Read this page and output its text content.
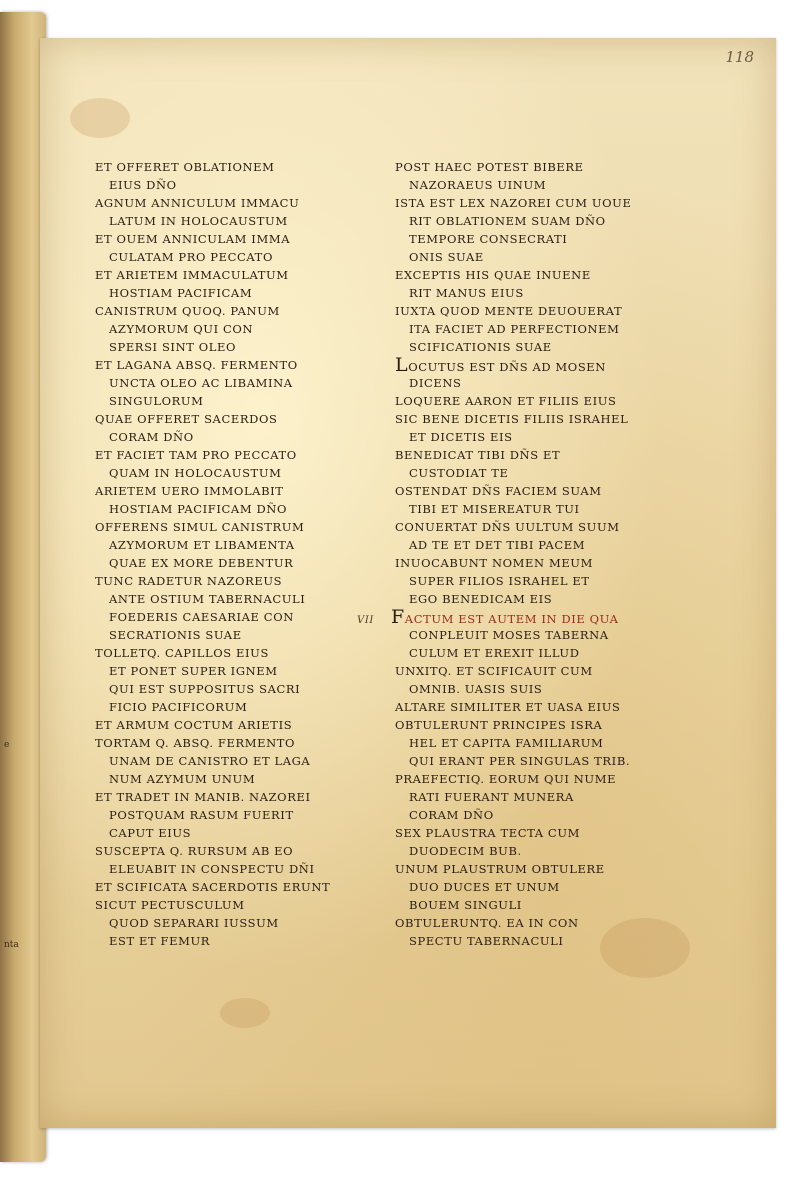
e
nta
118
ET OFFERET OBLATIONEM
EIUS DÑO
AGNUM ANNICULUM IMMACU
LATUM IN HOLOCAUSTUM
ET OUEM ANNICULAM IMMA
CULATAM PRO PECCATO
ET ARIETEM IMMACULATUM
HOSTIAM PACIFICAM
CANISTRUM QUOQ. PANUM
AZYMORUM QUI CON
SPERSI SINT OLEO
ET LAGANA ABSQ. FERMENTO
UNCTA OLEO AC LIBAMINA
SINGULORUM
QUAE OFFERET SACERDOS
CORAM DÑO
ET FACIET TAM PRO PECCATO
QUAM IN HOLOCAUSTUM
ARIETEM UERO IMMOLABIT
HOSTIAM PACIFICAM DÑO
OFFERENS SIMUL CANISTRUM
AZYMORUM ET LIBAMENTA
QUAE EX MORE DEBENTUR
TUNC RADETUR NAZOREUS
ANTE OSTIUM TABERNACULI
FOEDERIS CAESARIAE CON
SECRATIONIS SUAE
TOLLETQ. CAPILLOS EIUS
ET PONET SUPER IGNEM
QUI EST SUPPOSITUS SACRI
FICIO PACIFICORUM
ET ARMUM COCTUM ARIETIS
TORTAM Q. ABSQ. FERMENTO
UNAM DE CANISTRO ET LAGA
NUM AZYMUM UNUM
ET TRADET IN MANIB. NAZOREI
POSTQUAM RASUM FUERIT
CAPUT EIUS
SUSCEPTA Q. RURSUM AB EO
ELEUABIT IN CONSPECTU DÑI
ET SCIFICATA SACERDOTIS ERUNT
SICUT PECTUSCULUM
QUOD SEPARARI IUSSUM
EST ET FEMUR
POST HAEC POTEST BIBERE
NAZORAEUS UINUM
ISTA EST LEX NAZOREI CUM UOUE
RIT OBLATIONEM SUAM DÑO
TEMPORE CONSECRATI
ONIS SUAE
EXCEPTIS HIS QUAE INUENE
RIT MANUS EIUS
IUXTA QUOD MENTE DEUOUERAT
ITA FACIET AD PERFECTIONEM
SCIFICATIONIS SUAE
LOCUTUS EST DÑS AD MOSEN
DICENS
LOQUERE AARON ET FILIIS EIUS
SIC BENE DICETIS FILIIS ISRAHEL
ET DICETIS EIS
BENEDICAT TIBI DÑS ET
CUSTODIAT TE
OSTENDAT DÑS FACIEM SUAM
TIBI ET MISEREATUR TUI
CONUERTAT DÑS UULTUM SUUM
AD TE ET DET TIBI PACEM
INUOCABUNT NOMEN MEUM
SUPER FILIOS ISRAHEL ET
EGO BENEDICAM EIS
VII FACTUM EST AUTEM IN DIE QUA
CONPLEUIT MOSES TABERNA
CULUM ET EREXIT ILLUD
UNXITQ. ET SCIFICAUIT CUM
OMNIB. UASIS SUIS
ALTARE SIMILITER ET UASA EIUS
OBTULERUNT PRINCIPES ISRA
HEL ET CAPITA FAMILIARUM
QUI ERANT PER SINGULAS TRIB.
PRAEFECTIQ. EORUM QUI NUME
RATI FUERANT MUNERA
CORAM DÑO
SEX PLAUSTRA TECTA CUM
DUODECIM BUB.
UNUM PLAUSTRUM OBTULERE
DUO DUCES ET UNUM
BOUEM SINGULI
OBTULERUNTQ. EA IN CON
SPECTU TABERNACULI
